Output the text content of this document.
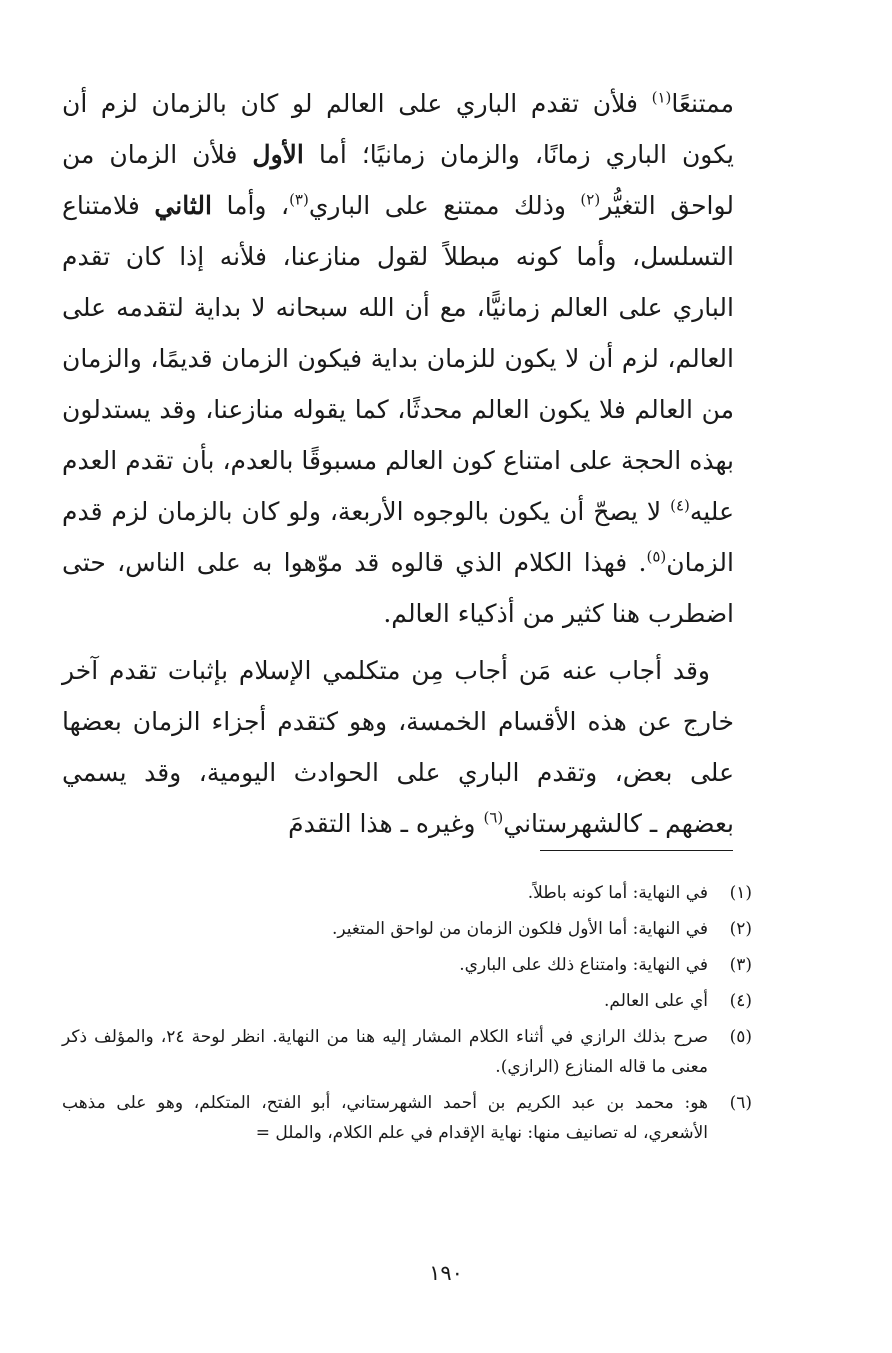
ممتنعًا$^{(١)}$ فلأن تقدم الباري على العالم لو كان بالزمان لزم أن يكون الباري زمانًا، والزمان زمانيًا؛ أما الأول فلأن الزمان من لواحق التغيُّر$^{(٢)}$ وذلك ممتنع على الباري$^{(٣)}$، وأما الثاني فلامتناع التسلسل، وأما كونه مبطلاً لقول منازعنا، فلأنه إذا كان تقدم الباري على العالم زمانيًّا، مع أن الله سبحانه لا بداية لتقدمه على العالم، لزم أن لا يكون للزمان بداية فيكون الزمان قديمًا، والزمان من العالم فلا يكون العالم محدثًا، كما يقوله منازعنا، وقد يستدلون بهذه الحجة على امتناع كون العالم مسبوقًا بالعدم، بأن تقدم العدم عليه$^{(٤)}$ لا يصحّ أن يكون بالوجوه الأربعة، ولو كان بالزمان لزم قدم الزمان$^{(٥)}$. فهذا الكلام الذي قالوه قد موّهوا به على الناس، حتى اضطرب هنا كثير من أذكياء العالم.

وقد أجاب عنه مَن أجاب مِن متكلمي الإسلام بإثبات تقدم آخر خارج عن هذه الأقسام الخمسة، وهو كتقدم أجزاء الزمان بعضها على بعض، وتقدم الباري على الحوادث اليومية، وقد يسمي بعضهم ـ كالشهرستاني$^{(٦)}$ وغيره ـ هذا التقدمَ

(١)
في النهاية: أما كونه باطلاً.
(٢)
في النهاية: أما الأول فلكون الزمان من لواحق المتغير.
(٣)
في النهاية: وامتناع ذلك على الباري.
(٤)
أي على العالم.
(٥)
صرح بذلك الرازي في أثناء الكلام المشار إليه هنا من النهاية. انظر لوحة ٢٤، والمؤلف ذكر معنى ما قاله المنازع (الرازي).
(٦)
هو: محمد بن عبد الكريم بن أحمد الشهرستاني، أبو الفتح، المتكلم، وهو على مذهب الأشعري، له تصانيف منها: نهاية الإقدام في علم الكلام، والملل =
١٩٠
